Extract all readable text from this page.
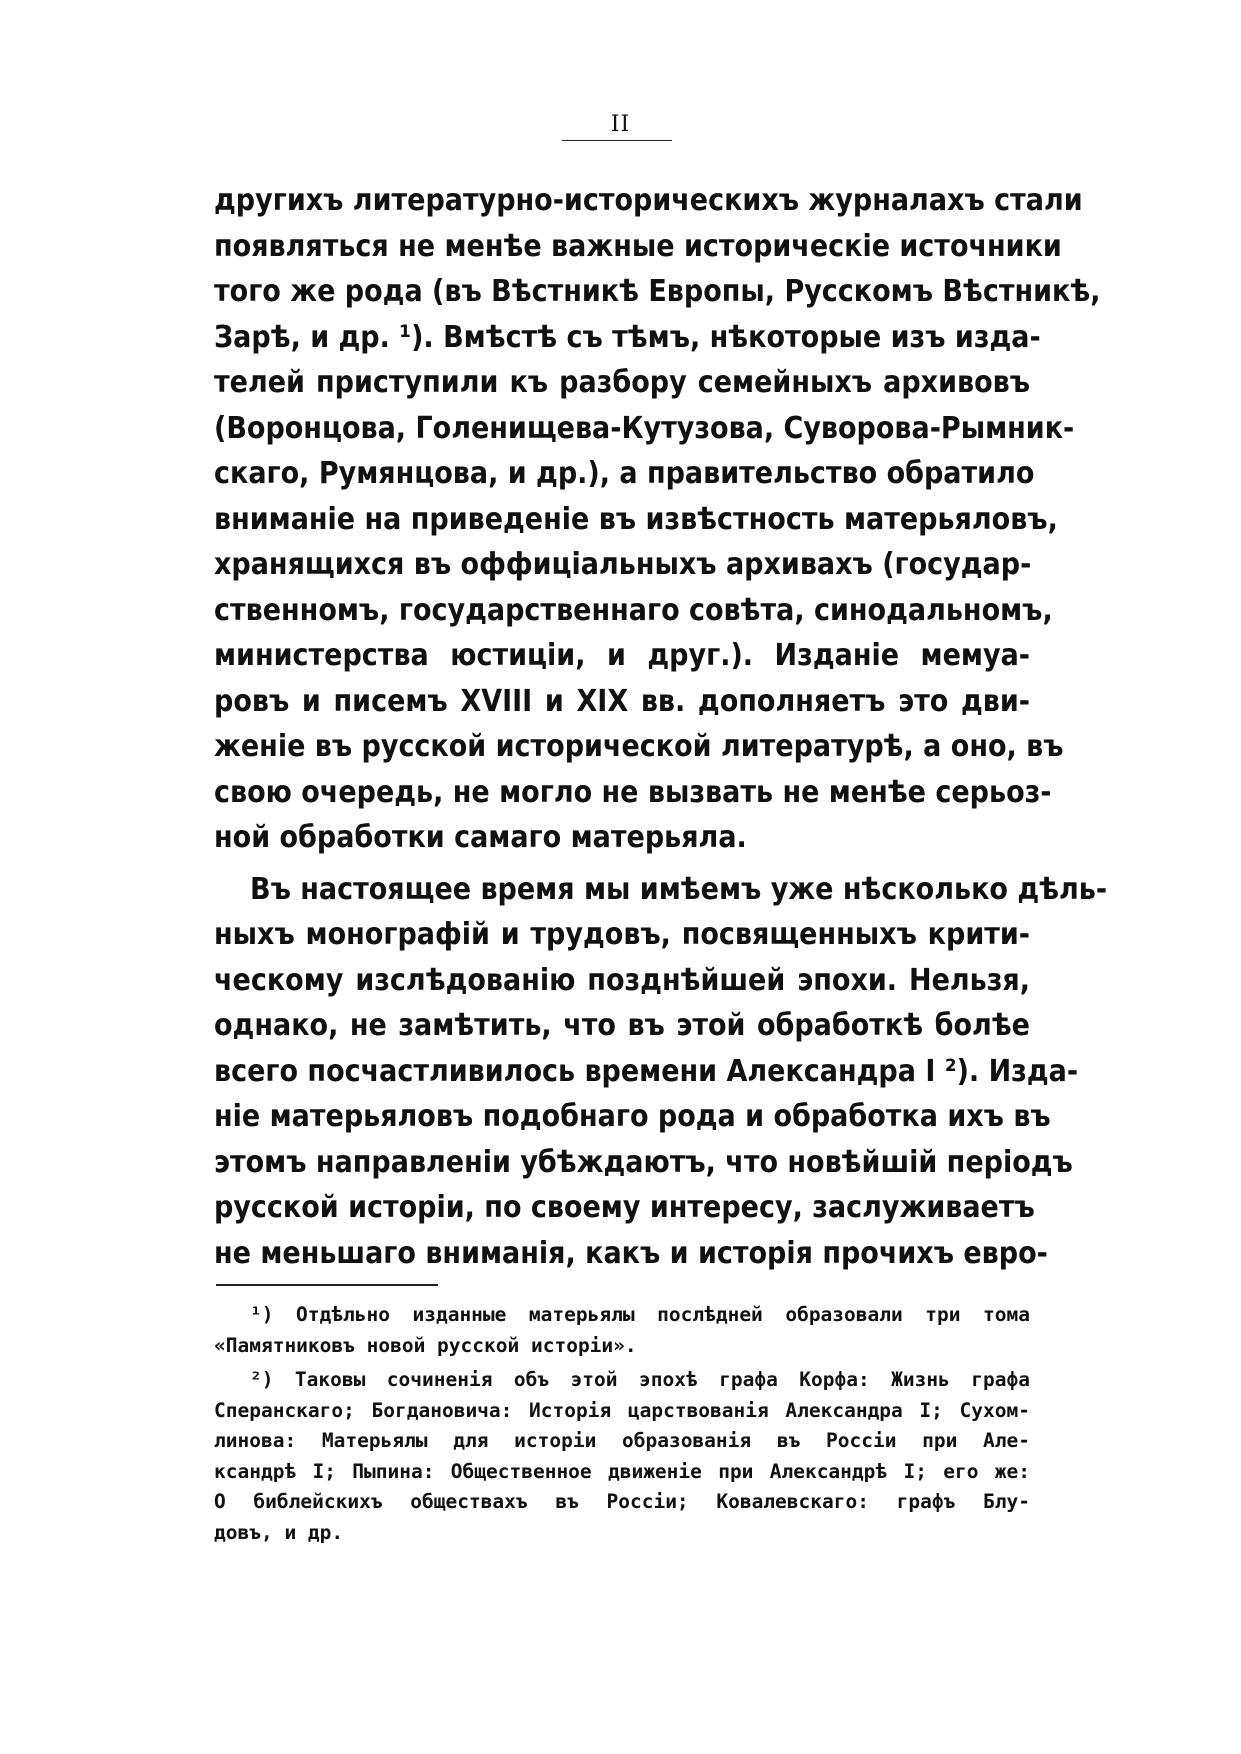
II
другихъ литературно-историческихъ журналахъ стали
появляться не менѣе важные историческіе источники
того же рода (въ Вѣстникѣ Европы, Русскомъ Вѣстникѣ,
Зарѣ, и др. ¹). Вмѣстѣ съ тѣмъ, нѣкоторые изъ изда-
телей приступили къ разбору семейныхъ архивовъ
(Воронцова, Голенищева-Кутузова, Суворова-Рымник-
скаго, Румянцова, и др.), а правительство обратило
вниманіе на приведеніе въ извѣстность матерьяловъ,
хранящихся въ оффиціальныхъ архивахъ (государ-
ственномъ, государственнаго совѣта, синодальномъ,
министерства юстиціи, и друг.). Изданіе мемуа-
ровъ и писемъ XVIII и XIX вв. дополняетъ это дви-
женіе въ русской исторической литературѣ, а оно, въ
свою очередь, не могло не вызвать не менѣе серьоз-
ной обработки самаго матерьяла.
Въ настоящее время мы имѣемъ уже нѣсколько дѣль-
ныхъ монографій и трудовъ, посвященныхъ крити-
ческому изслѣдованію позднѣйшей эпохи. Нельзя,
однако, не замѣтить, что въ этой обработкѣ болѣе
всего посчастливилось времени Александра I ²). Изда-
ніе матерьяловъ подобнаго рода и обработка ихъ въ
этомъ направленіи убѣждаютъ, что новѣйшій періодъ
русской исторіи, по своему интересу, заслуживаетъ
не меньшаго вниманія, какъ и исторія прочихъ евро-
¹) Отдѣльно изданные матерьялы послѣдней образовали три тома
«Памятниковъ новой русской исторіи».
²) Таковы сочиненія объ этой эпохѣ графа Корфа: Жизнь графа
Сперанскаго; Богдановича: Исторія царствованія Александра I; Сухом-
линова: Матерьялы для исторіи образованія въ Россіи при Але-
ксандрѣ I; Пыпина: Общественное движеніе при Александрѣ I; его же:
О библейскихъ обществахъ въ Россіи; Ковалевскаго: графъ Блу-
довъ, и др.
